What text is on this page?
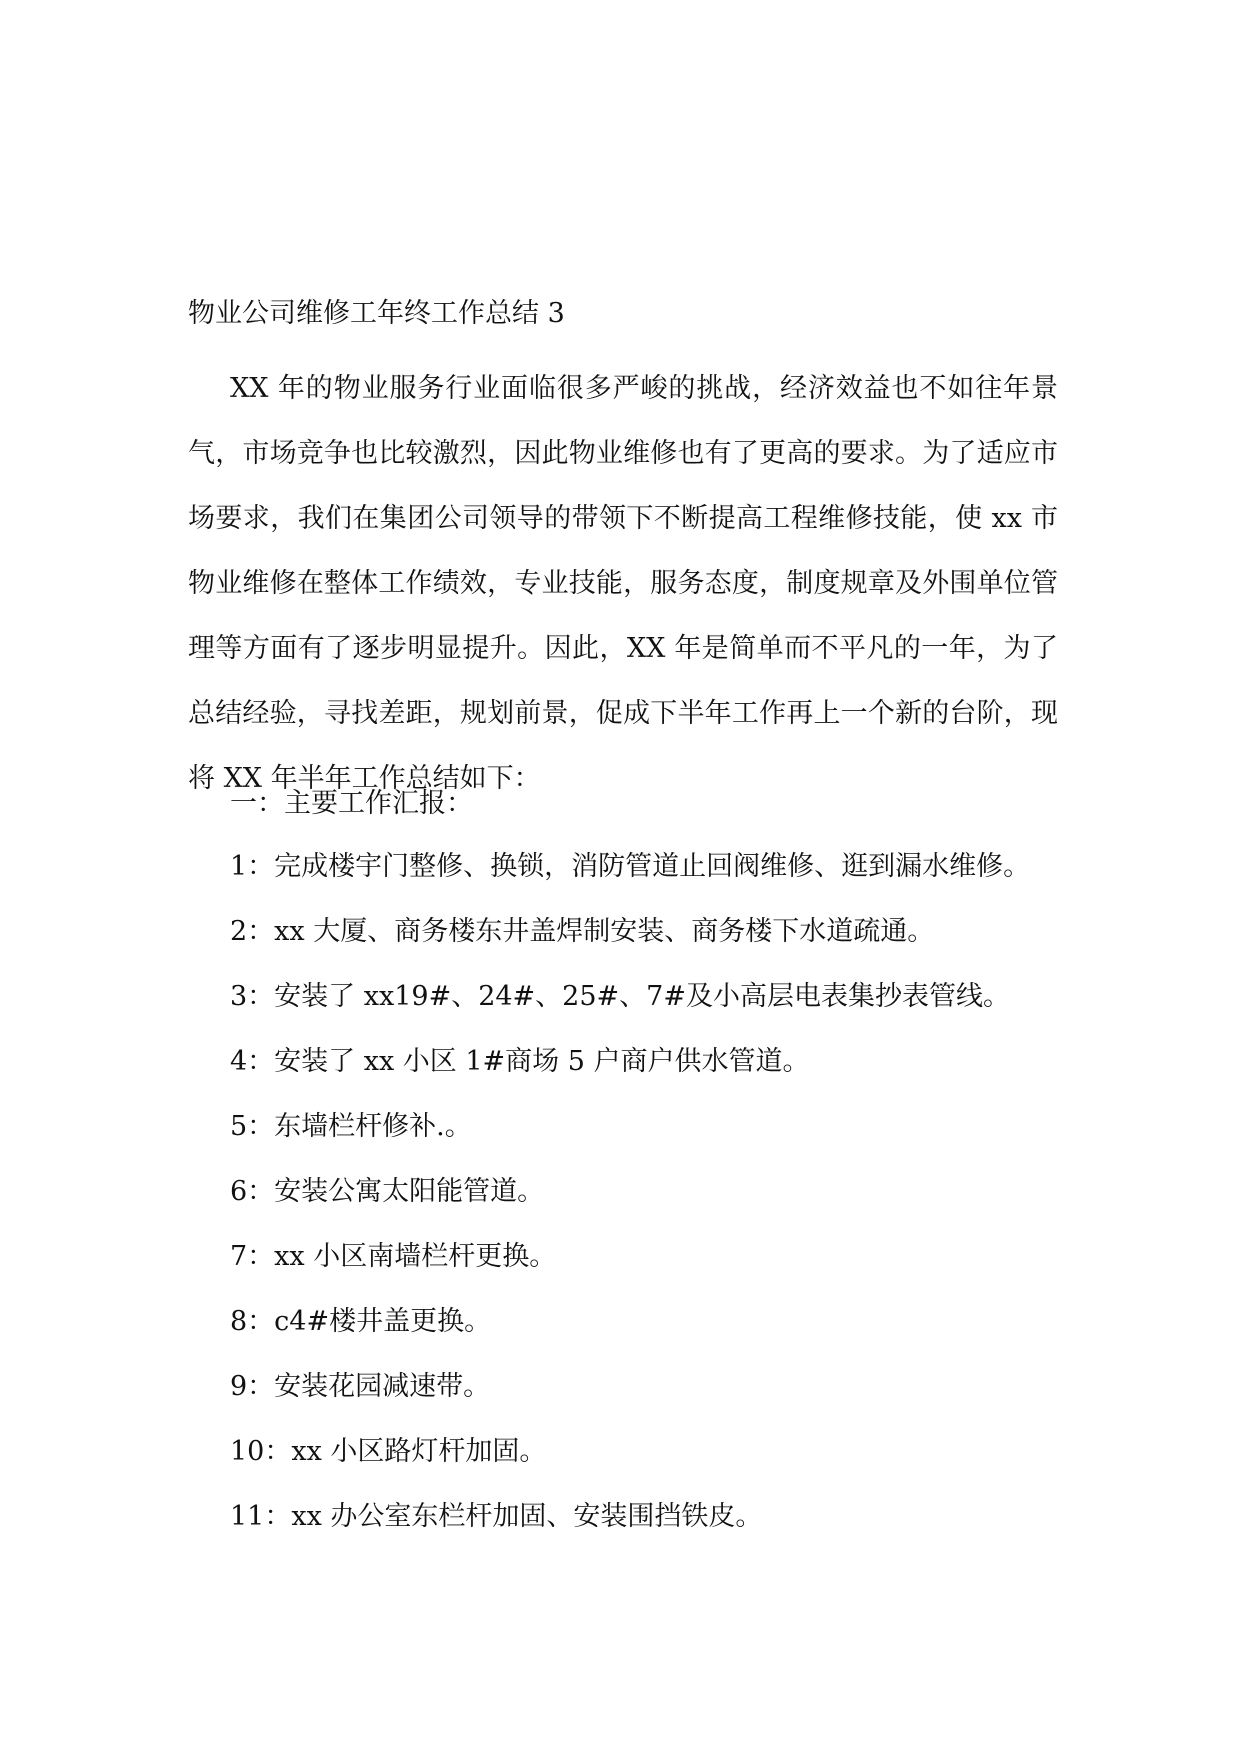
物业公司维修工年终工作总结 3

XX 年的物业服务行业面临很多严峻的挑战，经济效益也不如往年景气，市场竞争也比较激烈，因此物业维修也有了更高的要求。为了适应市场要求，我们在集团公司领导的带领下不断提高工程维修技能，使 xx 市物业维修在整体工作绩效，专业技能，服务态度，制度规章及外围单位管理等方面有了逐步明显提升。因此，XX 年是简单而不平凡的一年，为了总结经验，寻找差距，规划前景，促成下半年工作再上一个新的台阶，现将 XX 年半年工作总结如下：

一：主要工作汇报：
1：完成楼宇门整修、换锁，消防管道止回阀维修、逛到漏水维修。
2：xx 大厦、商务楼东井盖焊制安装、商务楼下水道疏通。
3：安装了 xx19#、24#、25#、7#及小高层电表集抄表管线。
4：安装了 xx 小区 1#商场 5 户商户供水管道。
5：东墙栏杆修补.。
6：安装公寓太阳能管道。
7：xx 小区南墙栏杆更换。
8：c4#楼井盖更换。
9：安装花园减速带。
10：xx 小区路灯杆加固。
11：xx 办公室东栏杆加固、安装围挡铁皮。
